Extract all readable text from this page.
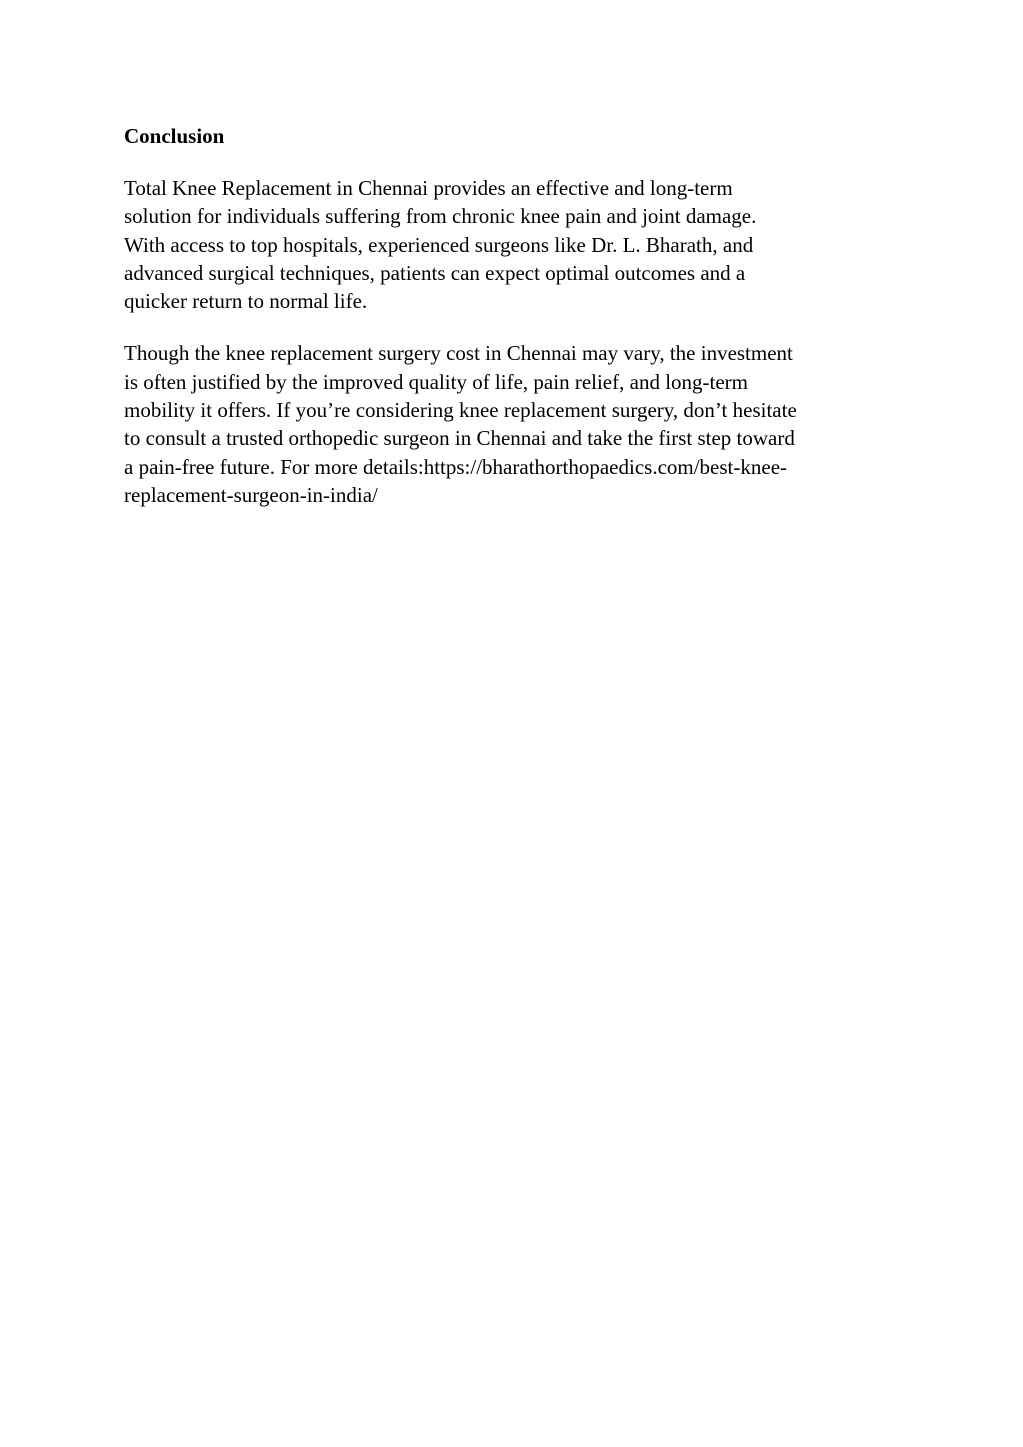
Conclusion

Total Knee Replacement in Chennai provides an effective and long-term
solution for individuals suffering from chronic knee pain and joint damage.
With access to top hospitals, experienced surgeons like Dr. L. Bharath, and
advanced surgical techniques, patients can expect optimal outcomes and a
quicker return to normal life.

Though the knee replacement surgery cost in Chennai may vary, the investment
is often justified by the improved quality of life, pain relief, and long-term
mobility it offers. If you’re considering knee replacement surgery, don’t hesitate
to consult a trusted orthopedic surgeon in Chennai and take the first step toward
a pain-free future. For more details:https://bharathorthopaedics.com/best-knee-
replacement-surgeon-in-india/
